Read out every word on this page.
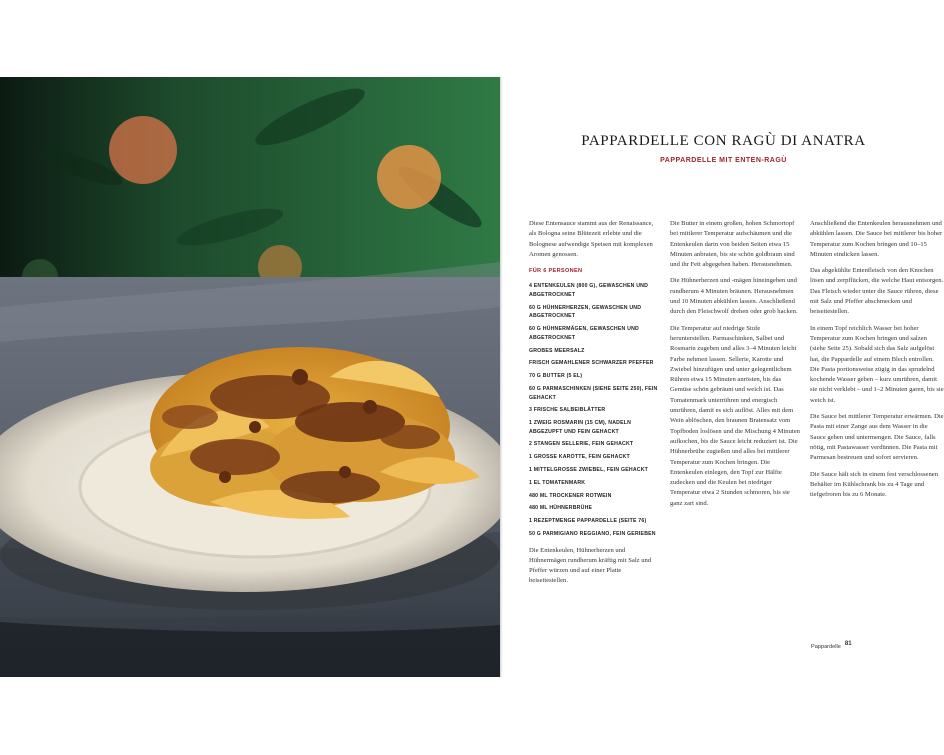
PAPPARDELLE CON RAGÙ DI ANATRA
PAPPARDELLE MIT ENTEN-RAGÙ

Diese Entensauce stammt aus der Renaissance, als Bologna seine Blütezeit erlebte und die Bolognese aufwendige Speisen mit komplexen Aromen genossen.

FÜR 6 PERSONEN
4 ENTENKEULEN (800 G), GEWASCHEN UND ABGETROCKNET
60 G HÜHNERHERZEN, GEWASCHEN UND ABGETROCKNET
60 G HÜHNERMÄGEN, GEWASCHEN UND ABGETROCKNET
GROBES MEERSALZ
FRISCH GEMAHLENER SCHWARZER PFEFFER
70 G BUTTER (5 EL)
60 G PARMASCHINKEN (SIEHE SEITE 250), FEIN GEHACKT
3 FRISCHE SALBEIBLÄTTER
1 ZWEIG ROSMARIN (15 CM), NADELN ABGEZUPFT UND FEIN GEHACKT
2 STANGEN SELLERIE, FEIN GEHACKT
1 GROSSE KAROTTE, FEIN GEHACKT
1 MITTELGROSSE ZWIEBEL, FEIN GEHACKT
1 EL TOMATENMARK
480 ML TROCKENER ROTWEIN
480 ML HÜHNERBRÜHE
1 REZEPTMENGE PAPPARDELLE (SEITE 76)
50 G PARMIGIANO REGGIANO, FEIN GERIEBEN

Die Entenkeulen, Hühnerherzen und Hühnermägen rundherum kräftig mit Salz und Pfeffer würzen und auf einer Platte beiseitestellen.

Die Butter in einem großen, hohen Schmortopf bei mittlerer Temperatur aufschäumen und die Entenkeulen darin von beiden Seiten etwa 15 Minuten anbraten, bis sie schön goldbraun sind und ihr Fett abgegeben haben. Herausnehmen.

Die Hühnerherzen und -mägen hineingeben und rundherum 4 Minuten bräunen. Herausnehmen und 10 Minuten abkühlen lassen. Anschließend durch den Fleischwolf drehen oder grob hacken.

Die Temperatur auf niedrige Stufe herunterstellen. Parmaschinken, Salbei und Rosmarin zugeben und alles 3–4 Minuten leicht Farbe nehmen lassen. Sellerie, Karotte und Zwiebel hinzufügen und unter gelegentlichem Rühren etwa 15 Minuten anrösten, bis das Gemüse schön gebräunt und weich ist. Das Tomatenmark unterrühren und energisch umrühren, damit es sich auflöst. Alles mit dem Wein ablöschen, den braunen Bratensatz vom Topfboden loslösen und die Mischung 4 Minuten aufkochen, bis die Sauce leicht reduziert ist. Die Hühnerbrühe zugießen und alles bei mittlerer Temperatur zum Kochen bringen. Die Entenkeulen einlegen, den Topf zur Hälfte zudecken und die Keulen bei niedriger Temperatur etwa 2 Stunden schmoren, bis sie ganz zart sind.

Anschließend die Entenkeulen herausnehmen und abkühlen lassen. Die Sauce bei mittlerer bis hoher Temperatur zum Kochen bringen und 10–15 Minuten eindicken lassen.

Das abgekühlte Entenfleisch von den Knochen lösen und zerpflücken, die welche Haut entsorgen. Das Fleisch wieder unter die Sauce rühren, diese mit Salz und Pfeffer abschmecken und beiseitestellen.

In einem Topf reichlich Wasser bei hoher Temperatur zum Kochen bringen und salzen (siehe Seite 25). Sobald sich das Salz aufgelöst hat, die Pappardelle auf einem Blech entrollen. Die Pasta portionsweise zügig in das sprudelnd kochende Wasser geben – kurz umrühren, damit sie nicht verklebt – und 1–2 Minuten garen, bis sie weich ist.

Die Sauce bei mittlerer Temperatur erwärmen. Die Pasta mit einer Zange aus dem Wasser in die Sauce geben und untermengen. Die Sauce, falls nötig, mit Pastawasser verdünnen. Die Pasta mit Parmesan bestreuen und sofort servieren.

Die Sauce hält sich in einem fest verschlossenen Behälter im Kühlschrank bis zu 4 Tage und tiefgefroren bis zu 6 Monate.

Pappardelle 81
